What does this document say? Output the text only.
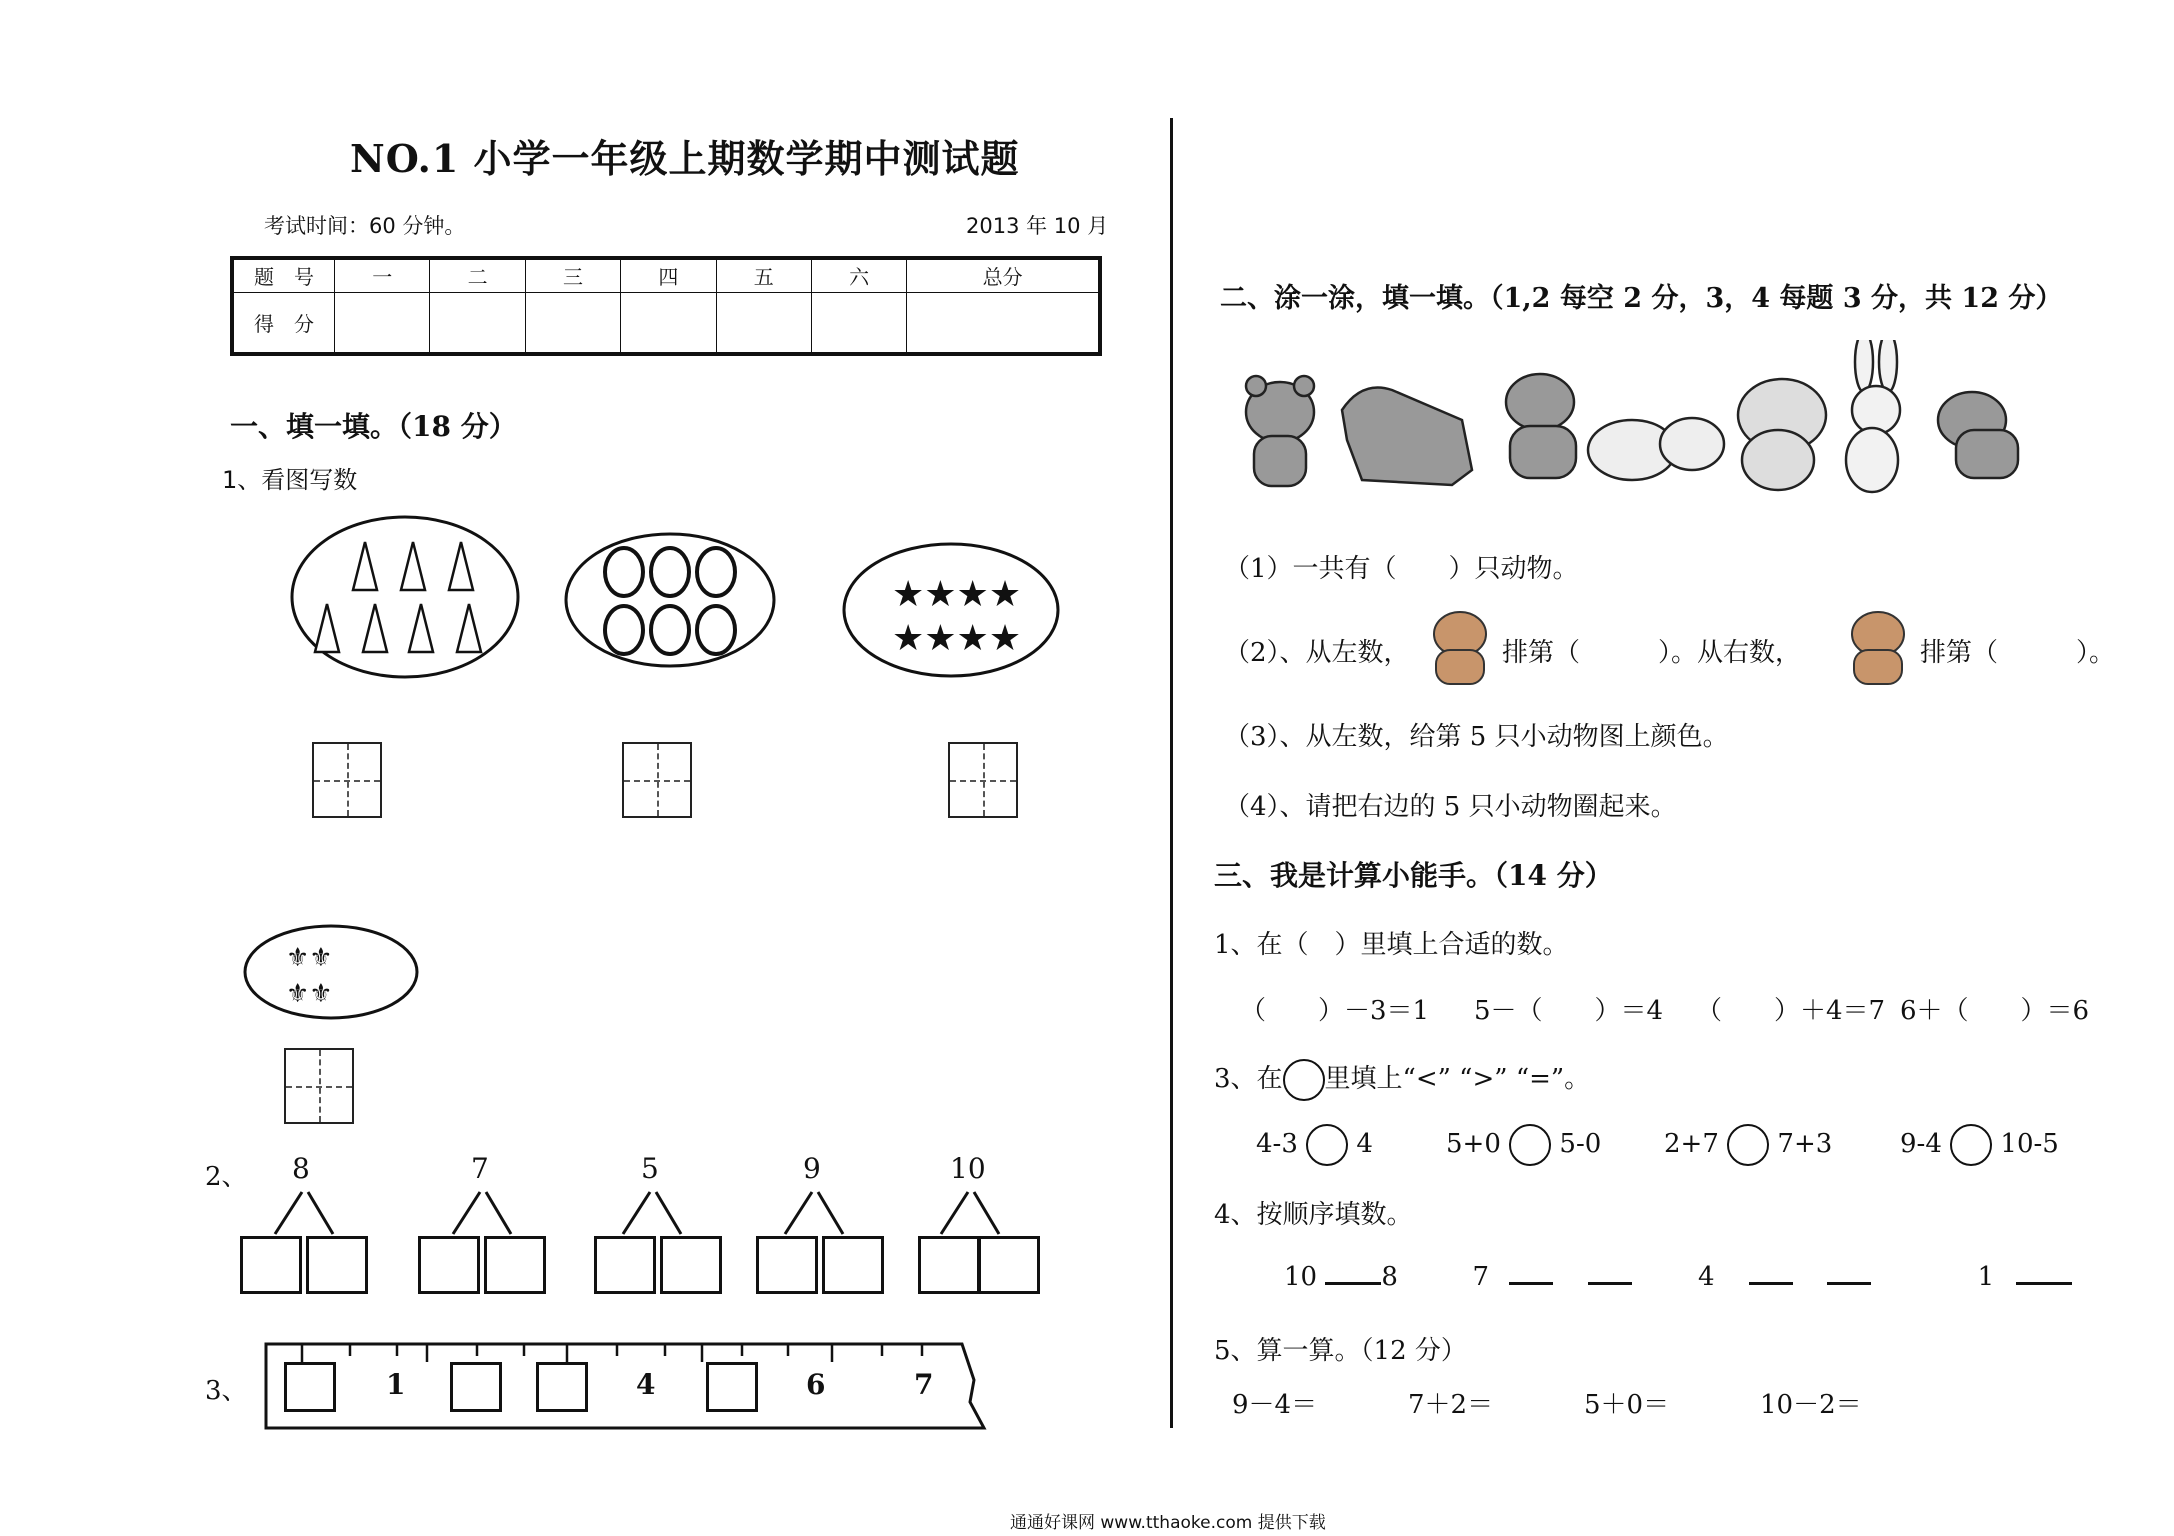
NO.1 小学一年级上期数学期中测试题
考试时间：60 分钟。	2013 年 10 月
题　号	一	二	三	四	五	六	总分
得　分							
一、填一填。（18 分）
1、看图写数
★★★★
★★★★
⚜⚜
⚜⚜
2、 8	7	5	9	10
3、	1	4	6	7
二、涂一涂，填一填。（1,2 每空 2 分，3，4 每题 3 分，共 12 分）
（1）一共有（　　）只动物。
（2）、从左数，	排第（　　　）。从右数，	排第（　　　）。
（3）、从左数，给第 5 只小动物图上颜色。
（4）、请把右边的 5 只小动物圈起来。
三、我是计算小能手。（14 分）
1、在（　）里填上合适的数。
（　　）－3＝1 5－（　　）＝4 （　　）＋4＝7 6＋（　　）＝6
3、在 里填上“<” “>” “=”。
4-3 4	5+0 5-0 2+7 7+3	9-4 10-5
4、按顺序填数。
10 8	7	4	1
5、算一算。（12 分）
9－4＝	7＋2＝	5＋0＝	10－2＝
通通好课网 www.tthaoke.com 提供下载
